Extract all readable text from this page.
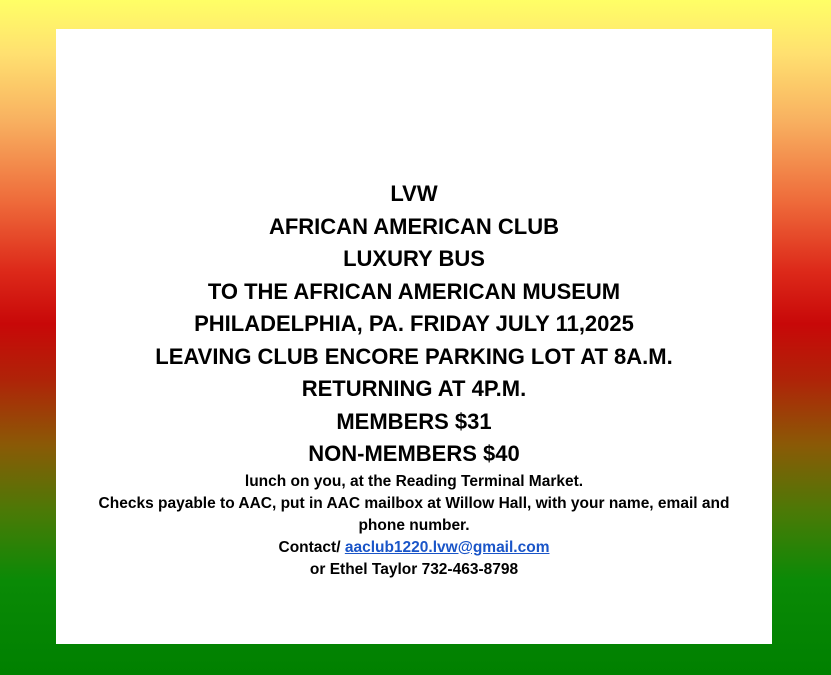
LVW
AFRICAN AMERICAN CLUB
LUXURY BUS
TO THE AFRICAN AMERICAN MUSEUM
PHILADELPHIA, PA. FRIDAY JULY 11,2025
LEAVING CLUB ENCORE PARKING LOT AT 8A.M.
RETURNING AT 4P.M.
MEMBERS $31
NON-MEMBERS $40
lunch on you, at the Reading Terminal Market.
Checks payable to AAC, put in AAC mailbox at Willow Hall, with your name, email and phone number.
Contact/ aaclub1220.lvw@gmail.com
or Ethel Taylor 732-463-8798
